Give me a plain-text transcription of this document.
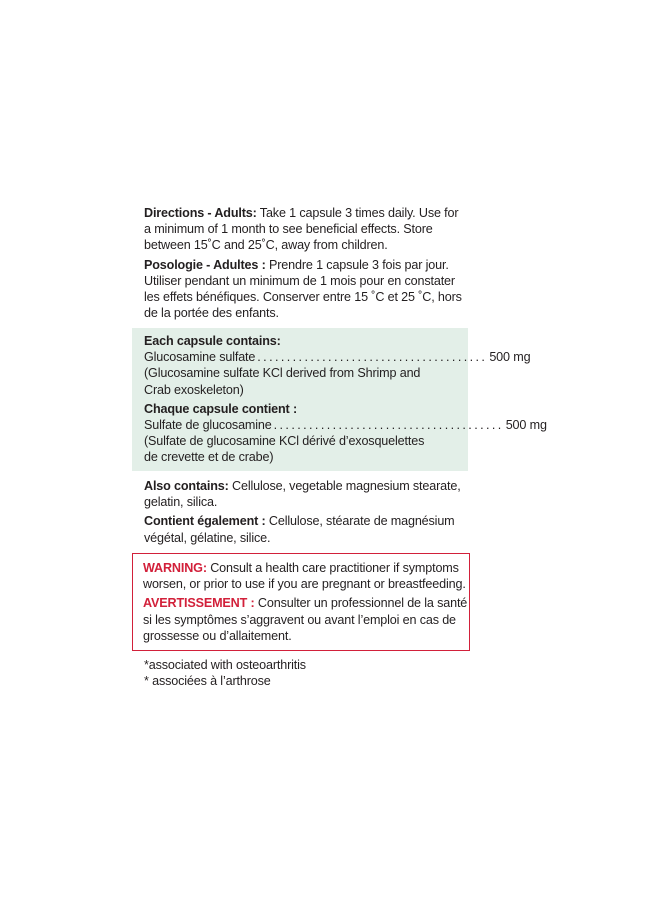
Directions - Adults: Take 1 capsule 3 times daily. Use for a minimum of 1 month to see beneficial effects. Store between 15˚C and 25˚C, away from children.

Posologie - Adultes : Prendre 1 capsule 3 fois par jour. Utiliser pendant un minimum de 1 mois pour en constater les effets bénéfiques. Conserver entre 15 ˚C et 25 ˚C, hors de la portée des enfants.

Each capsule contains:
Glucosamine sulfate ....................................... 500 mg
(Glucosamine sulfate KCl derived from Shrimp and
Crab exoskeleton)
Chaque capsule contient :
Sulfate de glucosamine ....................................... 500 mg
(Sulfate de glucosamine KCl dérivé d’exosquelettes
de crevette et de crabe)

Also contains: Cellulose, vegetable magnesium stearate, gelatin, silica.

Contient également : Cellulose, stéarate de magnésium végétal, gélatine, silice.

WARNING: Consult a health care practitioner if symptoms worsen, or prior to use if you are pregnant or breastfeeding.

AVERTISSEMENT : Consulter un professionnel de la santé si les symptômes s’aggravent ou avant l’emploi en cas de grossesse ou d’allaitement.

*associated with osteoarthritis
* associées à l’arthrose
